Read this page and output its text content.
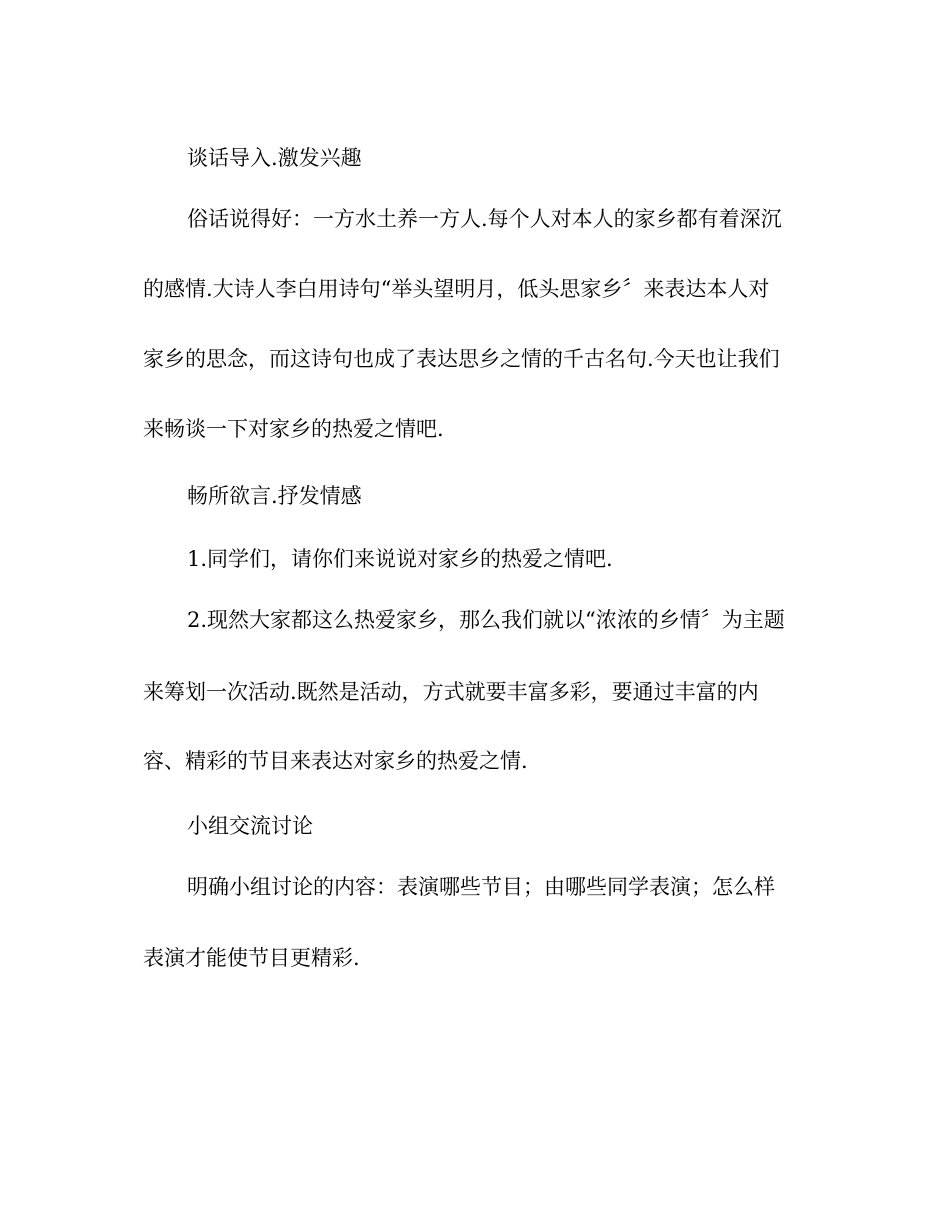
谈话导入.激发兴趣
俗话说得好：一方水土养一方人.每个人对本人的家乡都有着深沉
的感情.大诗人李白用诗句“举头望明月，低头思家乡〞来表达本人对
家乡的思念，而这诗句也成了表达思乡之情的千古名句.今天也让我们
来畅谈一下对家乡的热爱之情吧.
畅所欲言.抒发情感
1.同学们，请你们来说说对家乡的热爱之情吧.
2.现然大家都这么热爱家乡，那么我们就以“浓浓的乡情〞为主题
来筹划一次活动.既然是活动，方式就要丰富多彩，要通过丰富的内
容、精彩的节目来表达对家乡的热爱之情.
小组交流讨论
明确小组讨论的内容：表演哪些节目；由哪些同学表演；怎么样
表演才能使节目更精彩.
